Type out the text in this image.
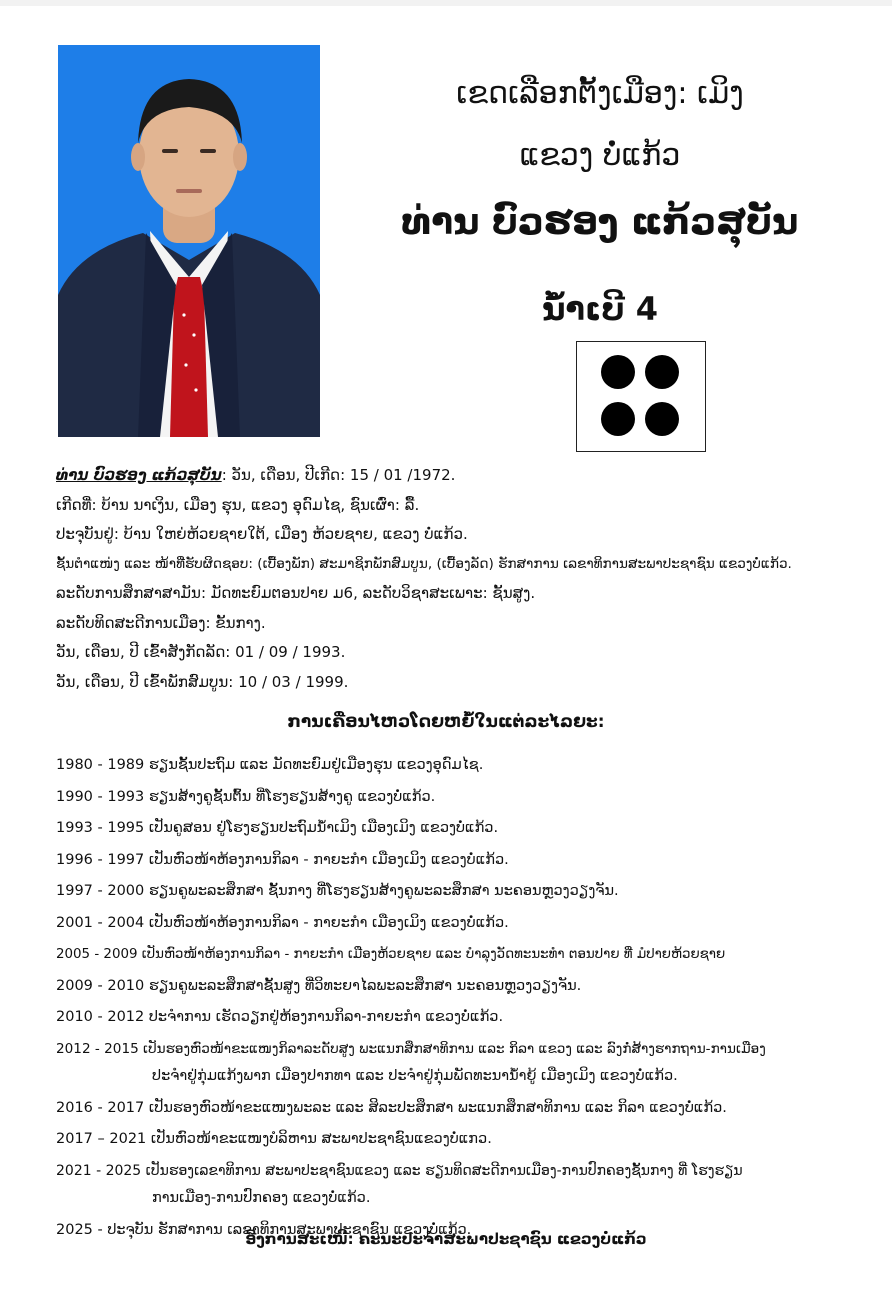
ເຂດເລືອກຕັ້ງເມືອງ: ເມິງ
ແຂວງ ບໍ່ແກ້ວ
ທ່ານ ບົວຮອງ ແກ້ວສຸບັນ
ນ້ຳເບີ 4
ທ່ານ ບົວຮອງ ແກ້ວສຸບັນ: ວັນ, ເດືອນ, ປີເກີດ: 15 / 01 /1972.
ເກີດທີ່: ບ້ານ ນາເງິນ, ເມືອງ ຮຸນ, ແຂວງ ອຸດົມໄຊ, ຊົນເຜົ່າ: ລື້.
ປະຈຸບັນຢູ່: ບ້ານ ໃຫຍ່ຫ້ວຍຊາຍໃຕ້, ເມືອງ ຫ້ວຍຊາຍ, ແຂວງ ບໍ່ແກ້ວ.
ຊັ້ນຕຳແໜ່ງ ແລະ ໜ້າທີ່ຮັບຜິດຊອບ: (ເບື້ອງພັກ) ສະມາຊິກພັກສົມບູນ, (ເບື້ອງລັດ) ຮັກສາການ ເລຂາທິການສະພາປະຊາຊົນ ແຂວງບໍ່ແກ້ວ.
ລະດັບການສຶກສາສາມັນ: ມັດທະຍົມຕອນປາຍ ມ6, ລະດັບວິຊາສະເພາະ: ຊັ້ນສູງ.
ລະດັບທິດສະດີການເມືອງ: ຂັ້ນກາງ.
ວັນ, ເດືອນ, ປີ ເຂົ້າສັງກັດລັດ: 01 / 09 / 1993.
ວັນ, ເດືອນ, ປີ ເຂົ້າພັກສົມບູນ: 10 / 03 / 1999.
ການເຄື່ອນໄຫວໂດຍຫຍໍ້ໃນແຕ່ລະໄລຍະ:
1980 - 1989 ຮຽນຊັ້ນປະຖົມ ແລະ ມັດທະຍົມຢູ່ເມືອງຮຸນ ແຂວງອຸດົມໄຊ.
1990 - 1993 ຮຽນສ້າງຄູຊັ້ນຕົ້ນ ທີ່ໂຮງຮຽນສ້າງຄູ ແຂວງບໍ່ແກ້ວ.
1993 - 1995 ເປັນຄູສອນ ຢູ່ໂຮງຮຽນປະຖົມນ້ຳເມິງ ເມືອງເມິງ ແຂວງບໍ່ແກ້ວ.
1996 - 1997 ເປັນຫົວໜ້າຫ້ອງການກິລາ - ກາຍະກຳ ເມືອງເມິງ ແຂວງບໍ່ແກ້ວ.
1997 - 2000 ຮຽນຄູພະລະສຶກສາ ຊັ້ນກາງ ທີ່ໂຮງຮຽນສ້າງຄູພະລະສຶກສາ ນະຄອນຫຼວງວຽງຈັນ.
2001 - 2004 ເປັນຫົວໜ້າຫ້ອງການກິລາ - ກາຍະກຳ ເມືອງເມິງ ແຂວງບໍ່ແກ້ວ.
2005 - 2009 ເປັນຫົວໜ້າຫ້ອງການກິລາ - ກາຍະກຳ ເມືອງຫ້ວຍຊາຍ ແລະ ບໍາລຸງວັດທະນະທຳ ຕອນປາຍ ທີ່ ມໍປາຍຫ້ວຍຊາຍ
2009 - 2010 ຮຽນຄູພະລະສຶກສາຊັ້ນສູງ ທີ່ວິທະຍາໄລພະລະສຶກສາ ນະຄອນຫຼວງວຽງຈັນ.
2010 - 2012 ປະຈຳການ ເຮັດວຽກຢູ່ຫ້ອງການກິລາ-ກາຍະກຳ ແຂວງບໍ່ແກ້ວ.
2012 - 2015 ເປັນຮອງຫົວໜ້າຂະແໜງກິລາລະດັບສູງ ພະແນກສຶກສາທິການ ແລະ ກິລາ ແຂວງ ແລະ ລົງກໍ່ສ້າງຮາກຖານ-ການເມືອງ
ປະຈຳຢູ່ກຸ່ມແກ້ງພາກ ເມືອງປາກທາ ແລະ ປະຈຳຢູ່ກຸ່ມພັດທະນານ້ຳຍູ້ ເມືອງເມິງ ແຂວງບໍ່ແກ້ວ.
2016 - 2017 ເປັນຮອງຫົວໜ້າຂະແໜງພະລະ ແລະ ສິລະປະສຶກສາ ພະແນກສຶກສາທິການ ແລະ ກິລາ ແຂວງບໍ່ແກ້ວ.
2017 – 2021 ເປັນຫົວໜ້າຂະແໜງບໍລິຫານ ສະພາປະຊາຊົນແຂວງບໍ່ແກວ.
2021 - 2025 ເປັນຮອງເລຂາທິການ ສະພາປະຊາຊົນແຂວງ ແລະ ຮຽນທິດສະດີການເມືອງ-ການປົກຄອງຊັ້ນກາງ ທີ່ ໂຮງຮຽນ
ການເມືອງ-ການປົກຄອງ ແຂວງບໍ່ແກ້ວ.
2025 - ປະຈຸບັນ ຮັກສາການ ເລຂາທິການສະພາປະຊາຊົນ ແຂວງບໍ່ແກ້ວ.
ອີງການສະເໜີ: ຄະນະປະຈຳສະພາປະຊາຊົນ ແຂວງບໍ່ແກ້ວ
